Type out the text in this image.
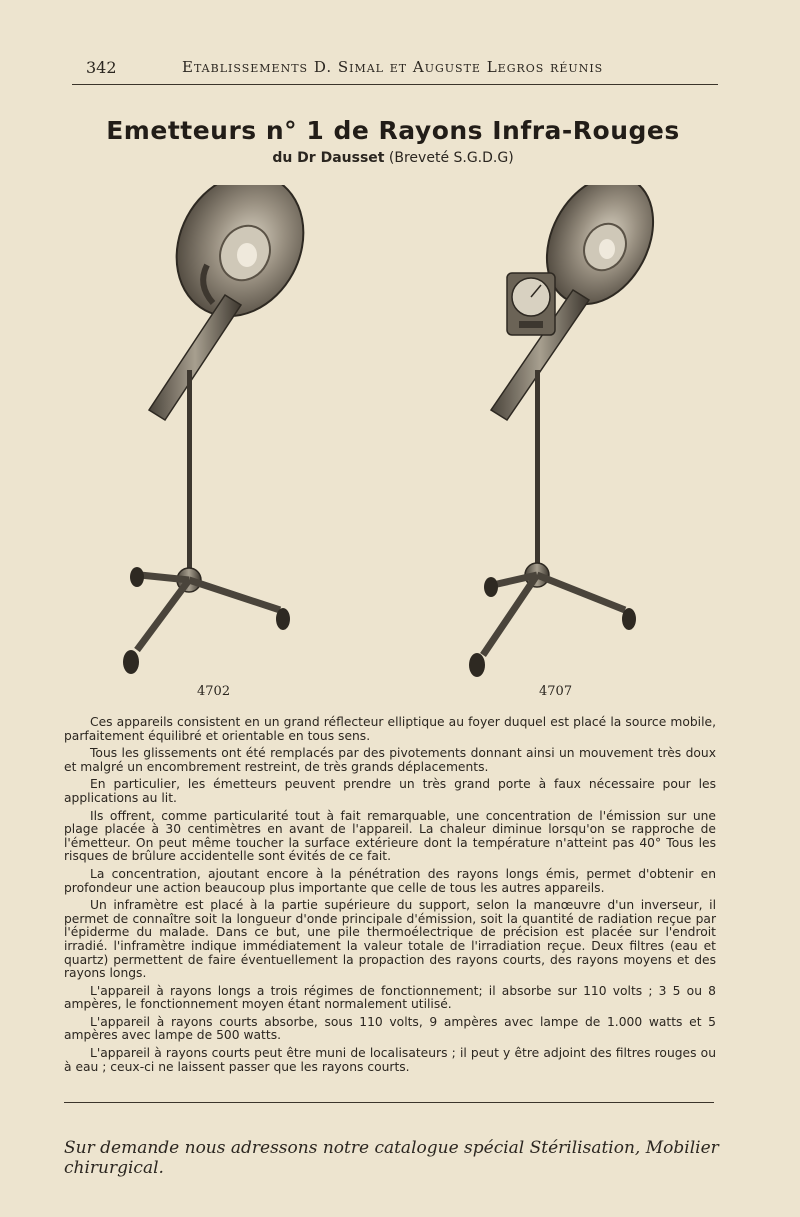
342	Etablissements D. Simal et Auguste Legros réunis
Emetteurs n° 1 de Rayons Infra-Rouges
du Dr Dausset (Breveté S.G.D.G)
4702	4707

Ces appareils consistent en un grand réflecteur elliptique au foyer duquel est placé la source mobile, parfaitement équilibré et orientable en tous sens.

Tous les glissements ont été remplacés par des pivotements donnant ainsi un mouvement très doux et malgré un encombrement restreint, de très grands déplacements.

En particulier, les émetteurs peuvent prendre un très grand porte à faux nécessaire pour les applications au lit.

Ils offrent, comme particularité tout à fait remarquable, une concentration de l'émission sur une plage placée à 30 centimètres en avant de l'appareil. La chaleur diminue lorsqu'on se rapproche de l'émetteur. On peut même toucher la surface extérieure dont la température n'atteint pas 40° Tous les risques de brûlure accidentelle sont évités de ce fait.

La concentration, ajoutant encore à la pénétration des rayons longs émis, permet d'obtenir en profondeur une action beaucoup plus importante que celle de tous les autres appareils.

Un inframètre est placé à la partie supérieure du support, selon la manœuvre d'un inverseur, il permet de connaître soit la longueur d'onde principale d'émission, soit la quantité de radiation reçue par l'épiderme du malade. Dans ce but, une pile thermoélectrique de précision est placée sur l'endroit irradié. l'inframètre indique immédiatement la valeur totale de l'irradiation reçue. Deux filtres (eau et quartz) permettent de faire éventuellement la propaction des rayons courts, des rayons moyens et des rayons longs.

L'appareil à rayons longs a trois régimes de fonctionnement; il absorbe sur 110 volts ; 3 5 ou 8 ampères, le fonctionnement moyen étant normalement utilisé.

L'appareil à rayons courts absorbe, sous 110 volts, 9 ampères avec lampe de 1.000 watts et 5 ampères avec lampe de 500 watts.

L'appareil à rayons courts peut être muni de localisateurs ; il peut y être adjoint des filtres rouges ou à eau ; ceux-ci ne laissent passer que les rayons courts.

Sur demande nous adressons notre catalogue spécial Stérilisation, Mobilier chirurgical.
